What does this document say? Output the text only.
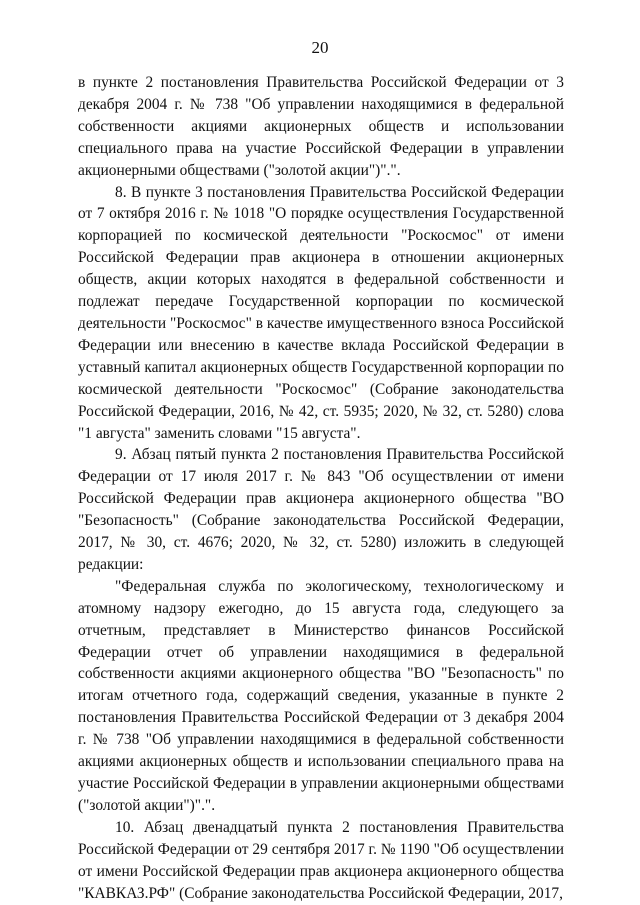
20

в пункте 2 постановления Правительства Российской Федерации от 3 декабря 2004 г. № 738 "Об управлении находящимися в федеральной собственности акциями акционерных обществ и использовании специального права на участие Российской Федерации в управлении акционерными обществами ("золотой акции")".".

8. В пункте 3 постановления Правительства Российской Федерации от 7 октября 2016 г. № 1018 "О порядке осуществления Государственной корпорацией по космической деятельности "Роскосмос" от имени Российской Федерации прав акционера в отношении акционерных обществ, акции которых находятся в федеральной собственности и подлежат передаче Государственной корпорации по космической деятельности "Роскосмос" в качестве имущественного взноса Российской Федерации или внесению в качестве вклада Российской Федерации в уставный капитал акционерных обществ Государственной корпорации по космической деятельности "Роскосмос" (Собрание законодательства Российской Федерации, 2016, № 42, ст. 5935; 2020, № 32, ст. 5280) слова "1 августа" заменить словами "15 августа".

9. Абзац пятый пункта 2 постановления Правительства Российской Федерации от 17 июля 2017 г. № 843 "Об осуществлении от имени Российской Федерации прав акционера акционерного общества "ВО "Безопасность" (Собрание законодательства Российской Федерации, 2017, № 30, ст. 4676; 2020, № 32, ст. 5280) изложить в следующей редакции:

"Федеральная служба по экологическому, технологическому и атомному надзору ежегодно, до 15 августа года, следующего за отчетным, представляет в Министерство финансов Российской Федерации отчет об управлении находящимися в федеральной собственности акциями акционерного общества "ВО "Безопасность" по итогам отчетного года, содержащий сведения, указанные в пункте 2 постановления Правительства Российской Федерации от 3 декабря 2004 г. № 738 "Об управлении находящимися в федеральной собственности акциями акционерных обществ и использовании специального права на участие Российской Федерации в управлении акционерными обществами ("золотой акции")".".

10. Абзац двенадцатый пункта 2 постановления Правительства Российской Федерации от 29 сентября 2017 г. № 1190 "Об осуществлении от имени Российской Федерации прав акционера акционерного общества "КАВКАЗ.РФ" (Собрание законодательства Российской Федерации, 2017,
